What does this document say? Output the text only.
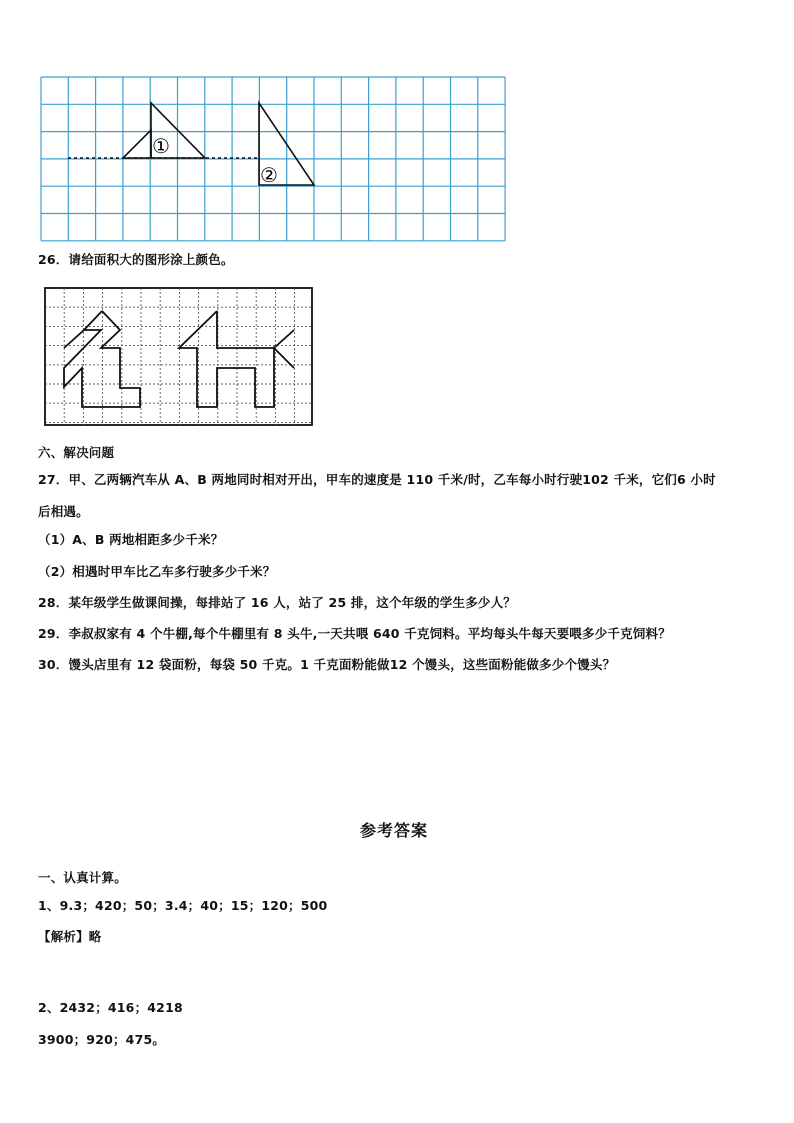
①
②
26．请给面积大的图形涂上颜色。
六、解决问题
27．甲、乙两辆汽车从 A、B 两地同时相对开出，甲车的速度是 110 千米/时，乙车每小时行驶102 千米，它们6 小时
后相遇。
（1）A、B 两地相距多少千米？
（2）相遇时甲车比乙车多行驶多少千米？
28．某年级学生做课间操，每排站了 16 人，站了 25 排，这个年级的学生多少人？
29．李叔叔家有 4 个牛棚,每个牛棚里有 8 头牛,一天共喂 640 千克饲料。平均每头牛每天要喂多少千克饲料？
30．馒头店里有 12 袋面粉，每袋 50 千克。1 千克面粉能做12 个馒头，这些面粉能做多少个馒头？
参考答案
一、认真计算。
1、9.3；420；50；3.4；40；15；120；500
【解析】略
2、2432；416；4218
3900；920；475。
